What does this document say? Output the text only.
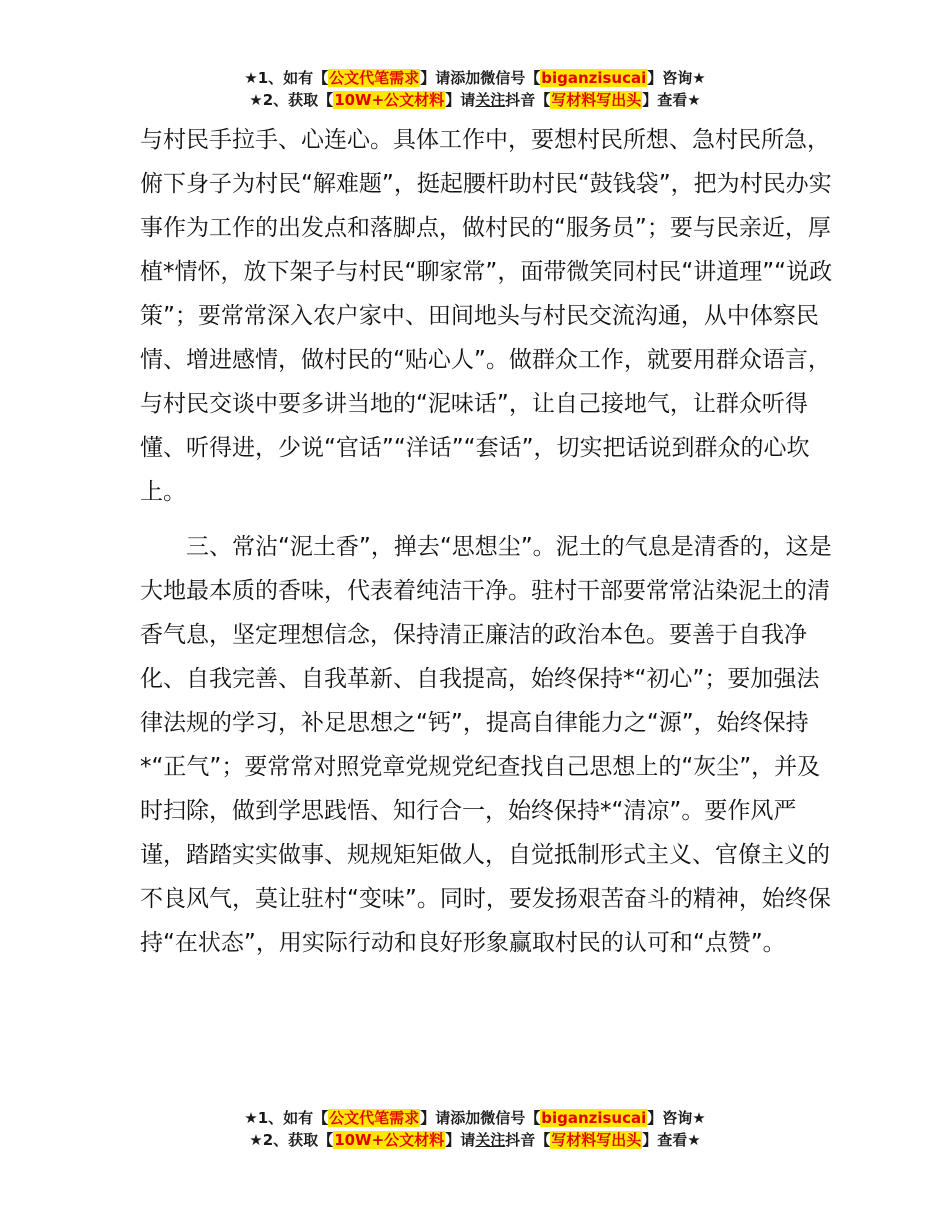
★1、如有【公文代笔需求】请添加微信号【biganzisucai】咨询★
★2、获取【10W+公文材料】请关注抖音【写材料写出头】查看★

与村民手拉手、心连心。具体工作中，要想村民所想、急村民所急，俯下身子为村民“解难题”，挺起腰杆助村民“鼓钱袋”，把为村民办实事作为工作的出发点和落脚点，做村民的“服务员”；要与民亲近，厚植*情怀，放下架子与村民“聊家常”，面带微笑同村民“讲道理”“说政策”；要常常深入农户家中、田间地头与村民交流沟通，从中体察民情、增进感情，做村民的“贴心人”。做群众工作，就要用群众语言，与村民交谈中要多讲当地的“泥味话”，让自己接地气，让群众听得懂、听得进，少说“官话”“洋话”“套话”，切实把话说到群众的心坎上。

三、常沾“泥土香”，掸去“思想尘”。泥土的气息是清香的，这是大地最本质的香味，代表着纯洁干净。驻村干部要常常沾染泥土的清香气息，坚定理想信念，保持清正廉洁的政治本色。要善于自我净化、自我完善、自我革新、自我提高，始终保持*“初心”；要加强法律法规的学习，补足思想之“钙”，提高自律能力之“源”，始终保持*“正气”；要常常对照党章党规党纪查找自己思想上的“灰尘”，并及时扫除，做到学思践悟、知行合一，始终保持*“清凉”。要作风严谨，踏踏实实做事、规规矩矩做人，自觉抵制形式主义、官僚主义的不良风气，莫让驻村“变味”。同时，要发扬艰苦奋斗的精神，始终保持“在状态”，用实际行动和良好形象赢取村民的认可和“点赞”。

★1、如有【公文代笔需求】请添加微信号【biganzisucai】咨询★
★2、获取【10W+公文材料】请关注抖音【写材料写出头】查看★
